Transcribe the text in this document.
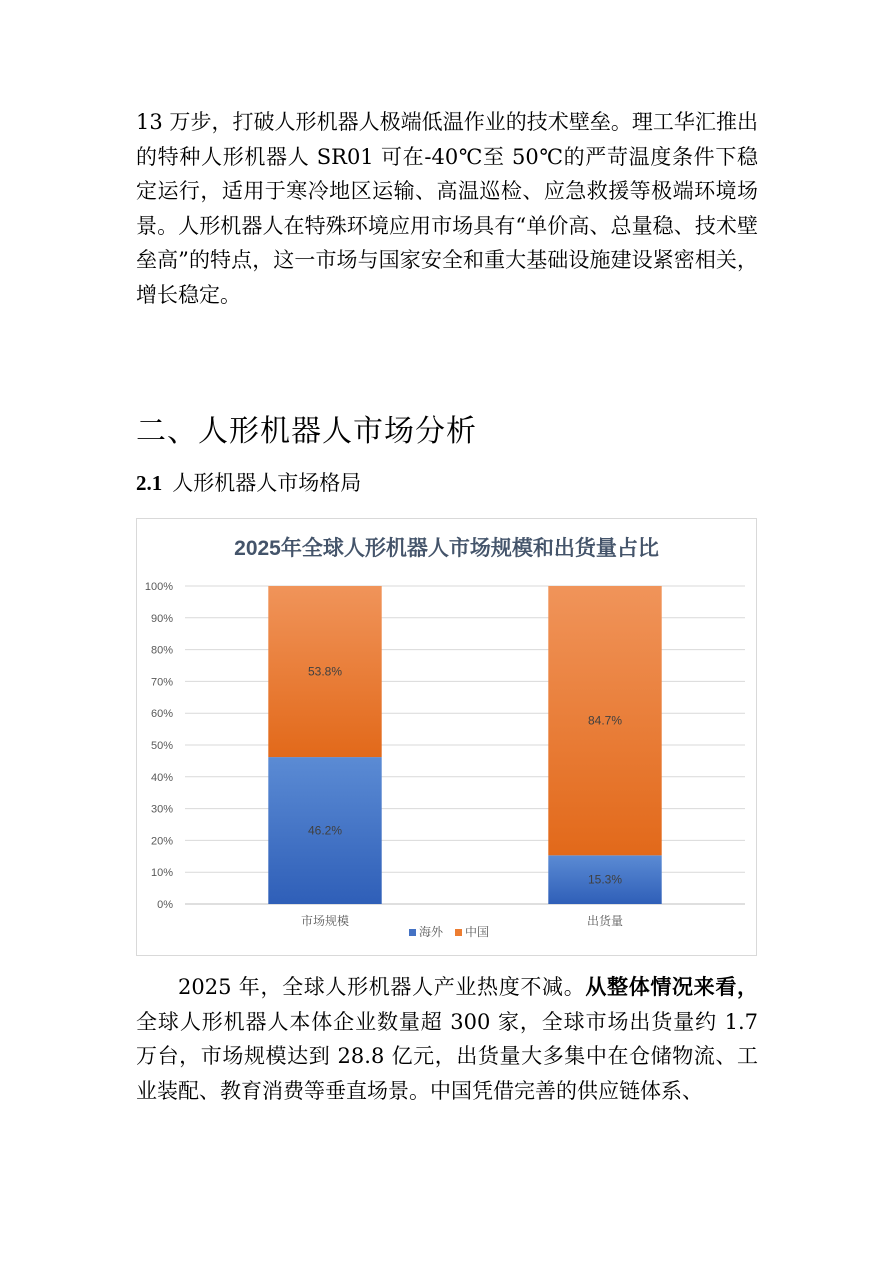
13 万步，打破人形机器人极端低温作业的技术壁垒。理工华汇推出的特种人形机器人 SR01 可在-40℃至 50℃的严苛温度条件下稳定运行，适用于寒冷地区运输、高温巡检、应急救援等极端环境场景。人形机器人在特殊环境应用市场具有“单价高、总量稳、技术壁垒高”的特点，这一市场与国家安全和重大基础设施建设紧密相关，增长稳定。

二、人形机器人市场分析
2.1 人形机器人市场格局
2025年全球人形机器人市场规模和出货量占比
0%
10%
20%
30%
40%
50%
60%
70%
80%
90%
100%
46.2%
53.8%
市场规模
15.3%
84.7%
出货量
海外 中国

2025 年，全球人形机器人产业热度不减。从整体情况来看，全球人形机器人本体企业数量超 300 家，全球市场出货量约 1.7 万台，市场规模达到 28.8 亿元，出货量大多集中在仓储物流、工业装配、教育消费等垂直场景。中国凭借完善的供应链体系、
